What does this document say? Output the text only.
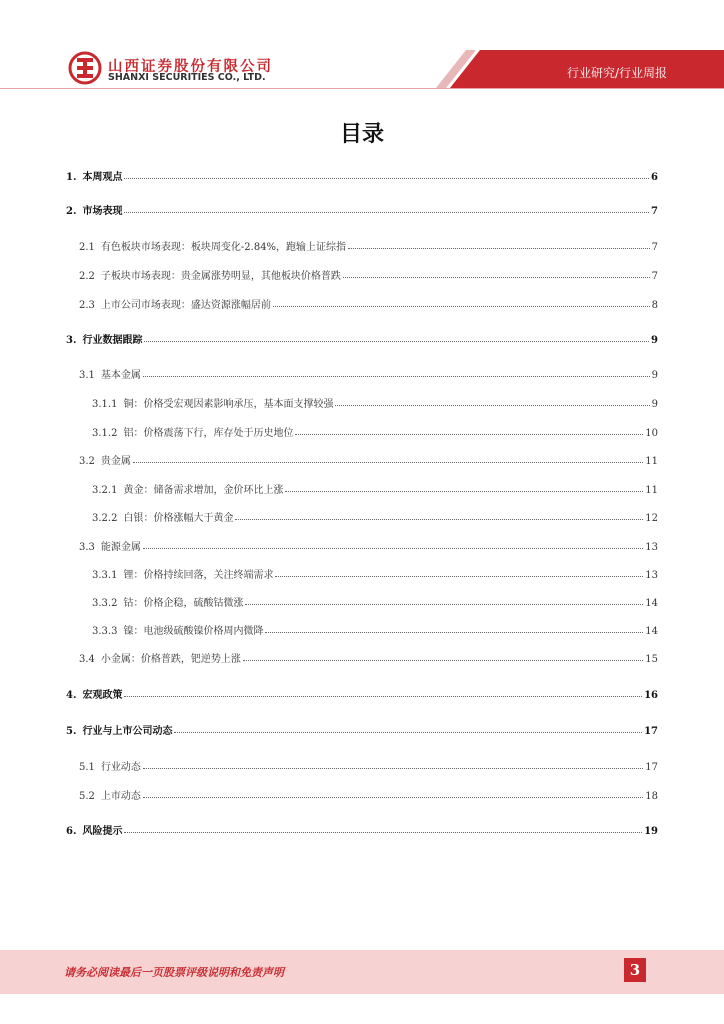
山西证券股份有限公司
SHANXI SECURITIES CO., LTD.	行业研究/行业周报
目录
1. 本周观点	6
2. 市场表现	7
2.1 有色板块市场表现：板块周变化-2.84%，跑输上证综指	7
2.2 子板块市场表现：贵金属涨势明显，其他板块价格普跌	7
2.3 上市公司市场表现：盛达资源涨幅居前	8
3. 行业数据跟踪	9
3.1 基本金属	9
3.1.1 铜：价格受宏观因素影响承压，基本面支撑较强	9
3.1.2 铝：价格震荡下行，库存处于历史地位	10
3.2 贵金属	11
3.2.1 黄金：储备需求增加，金价环比上涨	11
3.2.2 白银：价格涨幅大于黄金	12
3.3 能源金属	13
3.3.1 锂：价格持续回落，关注终端需求	13
3.3.2 钴：价格企稳，硫酸钴微涨	14
3.3.3 镍：电池级硫酸镍价格周内微降	14
3.4 小金属：价格普跌，钯逆势上涨	15
4. 宏观政策	16
5. 行业与上市公司动态	17
5.1 行业动态	17
5.2 上市动态	18
6. 风险提示	19
请务必阅读最后一页股票评级说明和免责声明	3
